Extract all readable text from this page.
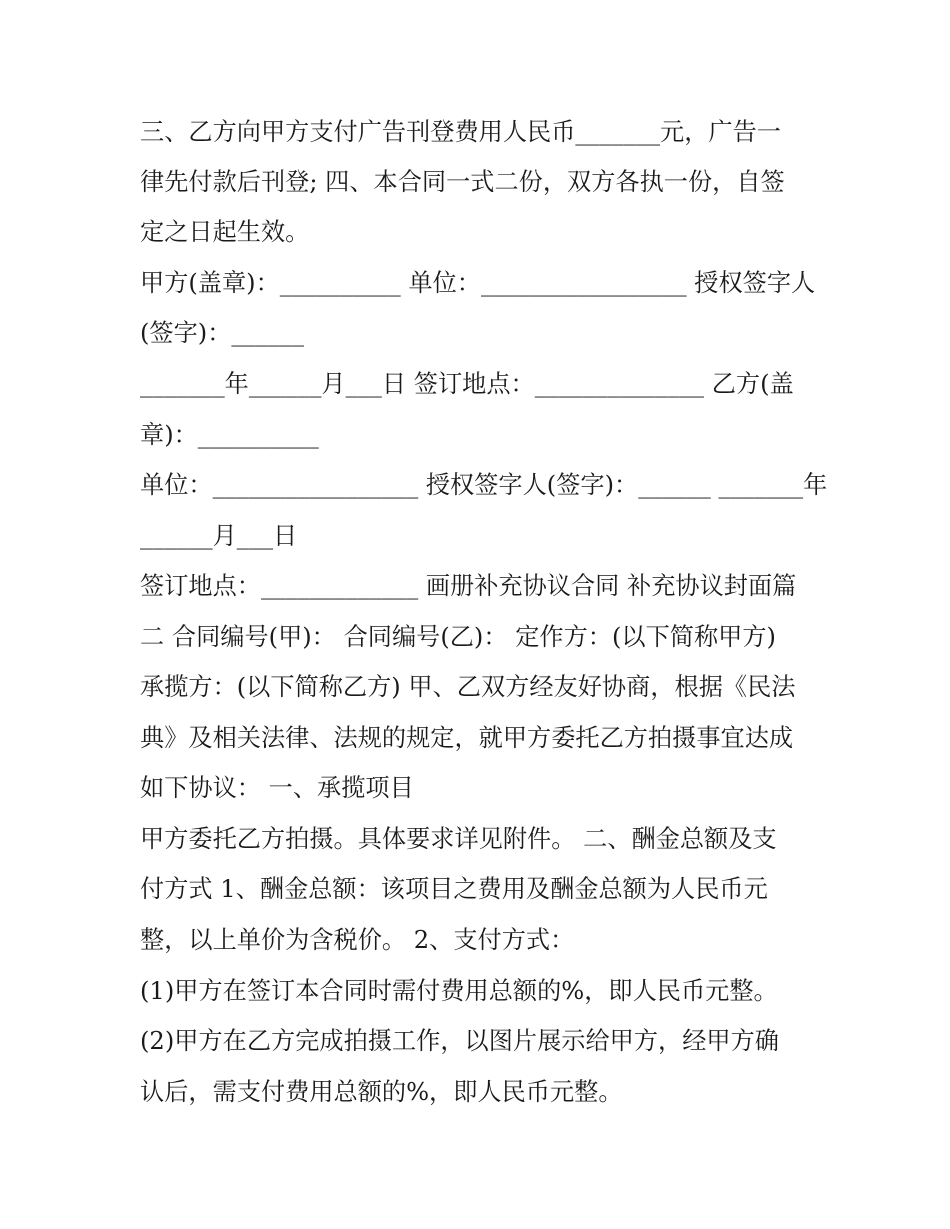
三、乙方向甲方支付广告刊登费用人民币_______元，广告一
律先付款后刊登; 四、本合同一式二份，双方各执一份，自签
定之日起生效。
甲方(盖章)：__________ 单位：_________________ 授权签字人
(签字)：______
_______年______月___日 签订地点：______________ 乙方(盖
章)：__________
单位：_________________ 授权签字人(签字)：______ _______年
______月___日
签订地点：_____________ 画册补充协议合同 补充协议封面篇
二 合同编号(甲)： 合同编号(乙)： 定作方：(以下简称甲方)
承揽方：(以下简称乙方) 甲、乙双方经友好协商，根据《民法
典》及相关法律、法规的规定，就甲方委托乙方拍摄事宜达成
如下协议： 一、承揽项目
甲方委托乙方拍摄。具体要求详见附件。 二、酬金总额及支
付方式 1、酬金总额：该项目之费用及酬金总额为人民币元
整，以上单价为含税价。 2、支付方式：
(1)甲方在签订本合同时需付费用总额的%，即人民币元整。
(2)甲方在乙方完成拍摄工作，以图片展示给甲方，经甲方确
认后，需支付费用总额的%，即人民币元整。
